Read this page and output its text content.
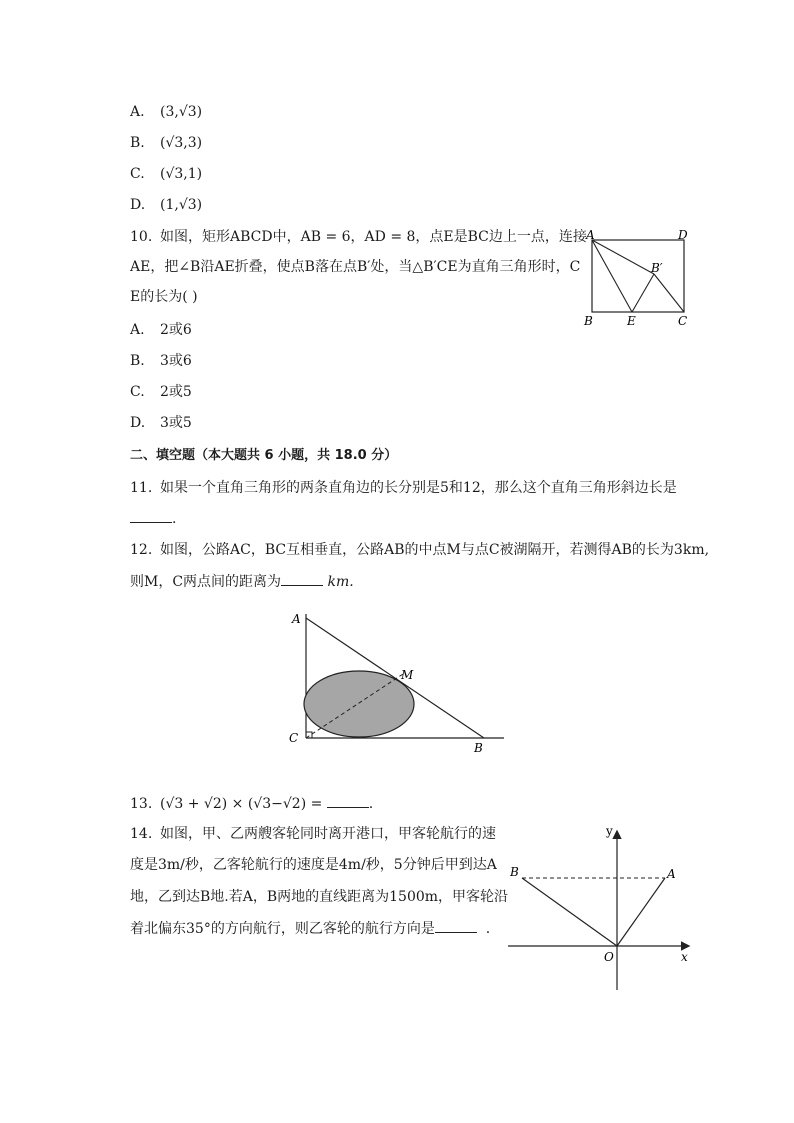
A. (3,√3)
B. (√3,3)
C. (√3,1)
D. (1,√3)
10. 如图，矩形ABCD中，AB = 6，AD = 8，点E是BC边上一点，连接
AE，把∠B沿AE折叠，使点B落在点B′处，当△B′CE为直角三角形时，C
E的长为( )
A. 2或6
B. 3或6
C. 2或5
D. 3或5
A	D
B′
B	E	C
二、填空题（本大题共 6 小题，共 18.0 分）
11. 如果一个直角三角形的两条直角边的长分别是5和12，那么这个直角三角形斜边长是
.
12. 如图，公路AC，BC互相垂直，公路AB的中点M与点C被湖隔开，若测得AB的长为3km,
则M，C两点间的距离为	km.
A
M
C
B
13. (√3 + √2) × (√3−√2) =	.
14. 如图，甲、乙两艘客轮同时离开港口，甲客轮航行的速
度是3m/秒，乙客轮航行的速度是4m/秒，5分钟后甲到达A
地，乙到达B地.若A，B两地的直线距离为1500m，甲客轮沿
着北偏东35°的方向航行，则乙客轮的航行方向是	.
y
x
O
A
B
